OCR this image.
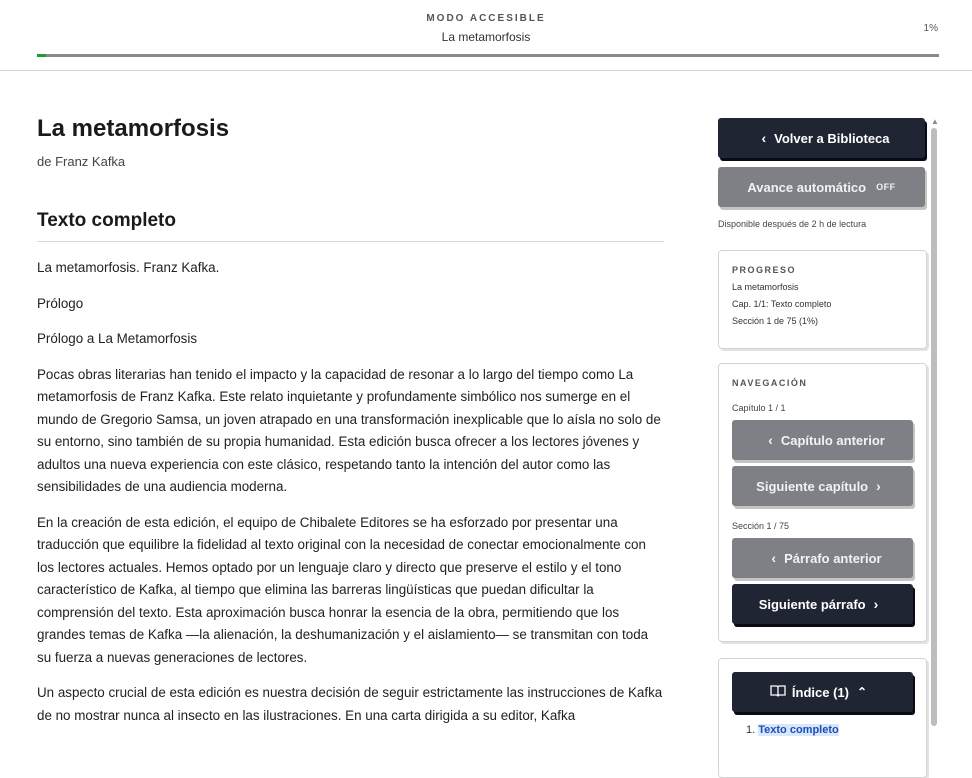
MODO ACCESIBLE
La metamorfosis
1%
La metamorfosis
de Franz Kafka
Texto completo

La metamorfosis. Franz Kafka.

Prólogo

Prólogo a La Metamorfosis

Pocas obras literarias han tenido el impacto y la capacidad de resonar a lo largo del tiempo como La metamorfosis de Franz Kafka. Este relato inquietante y profundamente simbólico nos sumerge en el mundo de Gregorio Samsa, un joven atrapado en una transformación inexplicable que lo aísla no solo de su entorno, sino también de su propia humanidad. Esta edición busca ofrecer a los lectores jóvenes y adultos una nueva experiencia con este clásico, respetando tanto la intención del autor como las sensibilidades de una audiencia moderna.

En la creación de esta edición, el equipo de Chibalete Editores se ha esforzado por presentar una traducción que equilibre la fidelidad al texto original con la necesidad de conectar emocionalmente con los lectores actuales. Hemos optado por un lenguaje claro y directo que preserve el estilo y el tono característico de Kafka, al tiempo que elimina las barreras lingüísticas que puedan dificultar la comprensión del texto. Esta aproximación busca honrar la esencia de la obra, permitiendo que los grandes temas de Kafka —la alienación, la deshumanización y el aislamiento— se transmitan con toda su fuerza a nuevas generaciones de lectores.

Un aspecto crucial de esta edición es nuestra decisión de seguir estrictamente las instrucciones de Kafka de no mostrar nunca al insecto en las ilustraciones. En una carta dirigida a su editor, Kafka

‹ Volver a Biblioteca
Avance automático OFF
Disponible después de 2 h de lectura
PROGRESO
La metamorfosis
Cap. 1/1: Texto completo
Sección 1 de 75 (1%)
NAVEGACIÓN
Capítulo 1 / 1
‹ Capítulo anterior
Siguiente capítulo ›
Sección 1 / 75
‹ Párrafo anterior
Siguiente párrafo ›
Índice (1) ⌃
1. Texto completo
▲
